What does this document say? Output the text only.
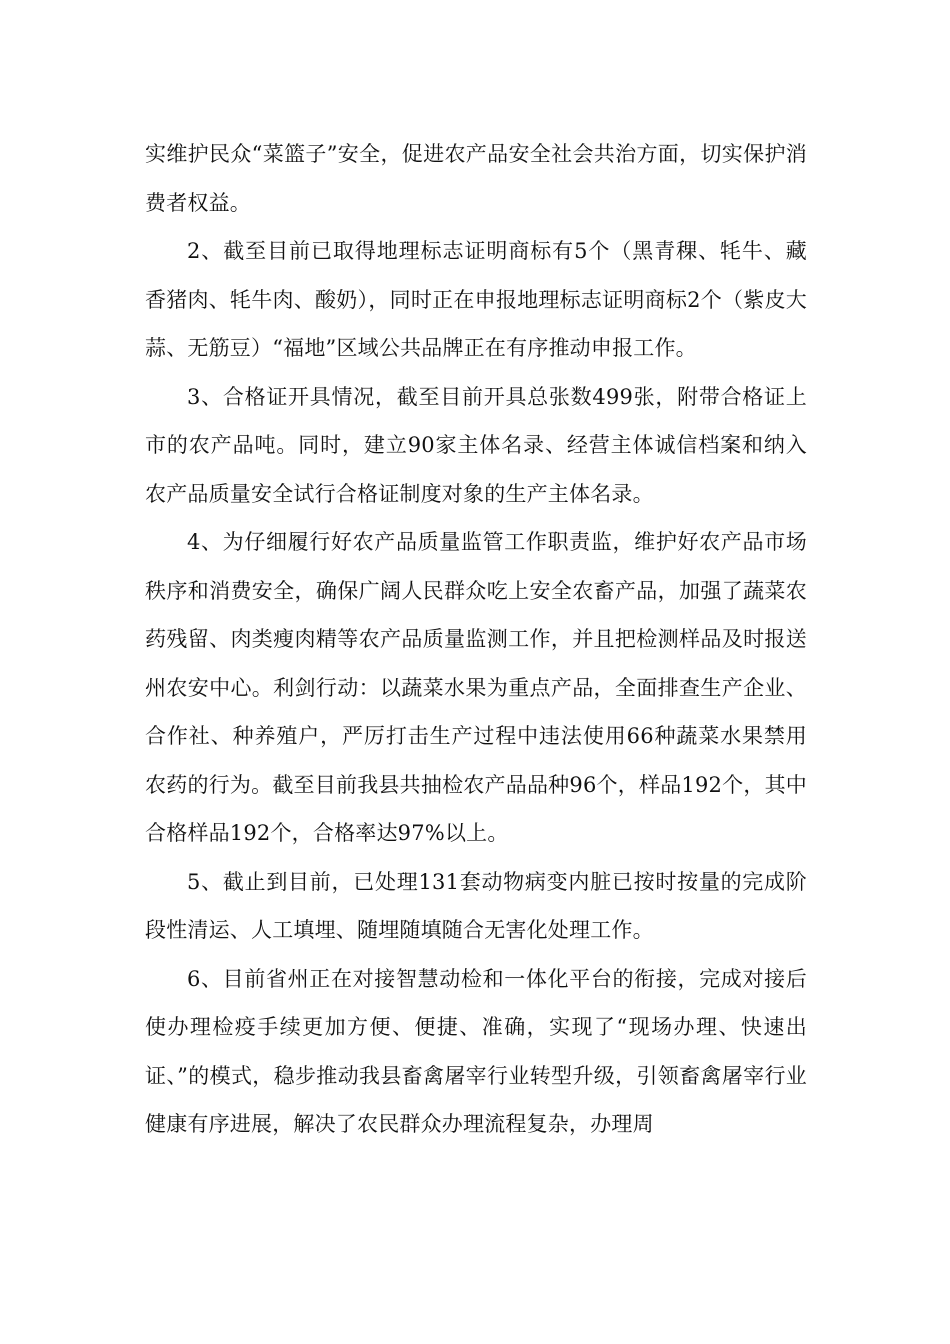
实维护民众“菜篮子”安全，促进农产品安全社会共治方面，切实保护消费者权益。

2、截至目前已取得地理标志证明商标有5个（黑青稞、牦牛、藏香猪肉、牦牛肉、酸奶），同时正在申报地理标志证明商标2个（紫皮大蒜、无筋豆）“福地”区域公共品牌正在有序推动申报工作。

3、合格证开具情况，截至目前开具总张数499张，附带合格证上市的农产品吨。同时，建立90家主体名录、经营主体诚信档案和纳入农产品质量安全试行合格证制度对象的生产主体名录。

4、为仔细履行好农产品质量监管工作职责监，维护好农产品市场秩序和消费安全，确保广阔人民群众吃上安全农畜产品，加强了蔬菜农药残留、肉类瘦肉精等农产品质量监测工作，并且把检测样品及时报送州农安中心。利剑行动：以蔬菜水果为重点产品，全面排查生产企业、合作社、种养殖户，严厉打击生产过程中违法使用66种蔬菜水果禁用农药的行为。截至目前我县共抽检农产品品种96个，样品192个，其中合格样品192个，合格率达97%以上。

5、截止到目前，已处理131套动物病变内脏已按时按量的完成阶段性清运、人工填埋、随埋随填随合无害化处理工作。

6、目前省州正在对接智慧动检和一体化平台的衔接，完成对接后使办理检疫手续更加方便、便捷、准确，实现了“现场办理、快速出证、”的模式，稳步推动我县畜禽屠宰行业转型升级，引领畜禽屠宰行业健康有序进展，解决了农民群众办理流程复杂，办理周
